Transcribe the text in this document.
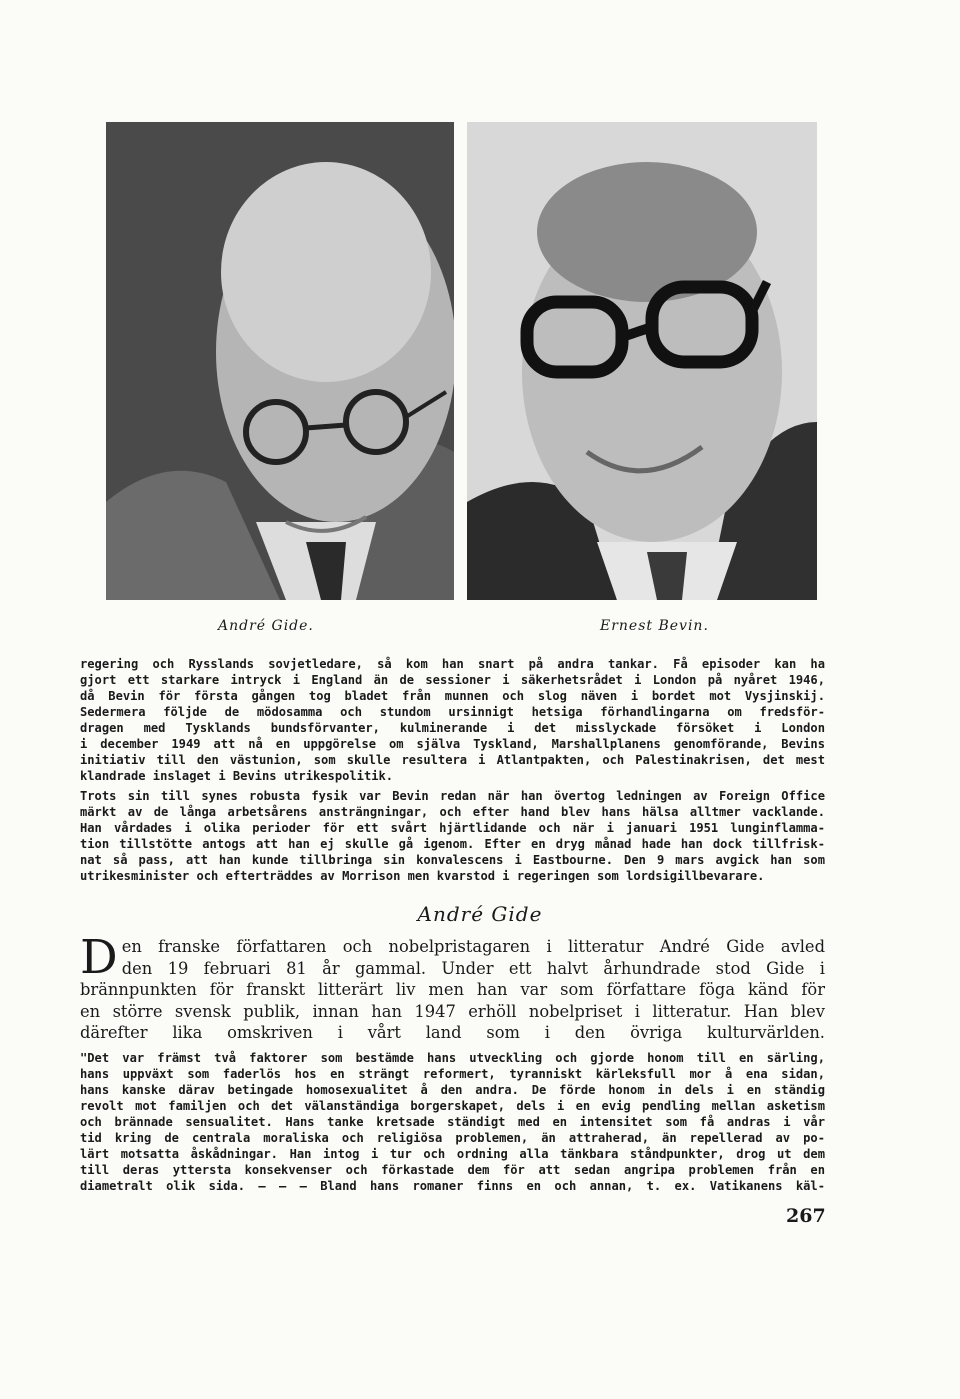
André Gide.	Ernest Bevin.
regering och Rysslands sovjetledare, så kom han snart på andra tankar. Få episoder kan ha
gjort ett starkare intryck i England än de sessioner i säkerhetsrådet i London på nyåret 1946,
då Bevin för första gången tog bladet från munnen och slog näven i bordet mot Vysjinskij.
Sedermera följde de mödosamma och stundom ursinnigt hetsiga förhandlingarna om fredsför-
dragen med Tysklands bundsförvanter, kulminerande i det misslyckade försöket i London
i december 1949 att nå en uppgörelse om själva Tyskland, Marshallplanens genomförande, Bevins
initiativ till den västunion, som skulle resultera i Atlantpakten, och Palestinakrisen, det mest
klandrade inslaget i Bevins utrikespolitik.
Trots sin till synes robusta fysik var Bevin redan när han övertog ledningen av Foreign Office
märkt av de långa arbetsårens ansträngningar, och efter hand blev hans hälsa alltmer vacklande.
Han vårdades i olika perioder för ett svårt hjärtlidande och när i januari 1951 lunginflamma-
tion tillstötte antogs att han ej skulle gå igenom. Efter en dryg månad hade han dock tillfrisk-
nat så pass, att han kunde tillbringa sin konvalescens i Eastbourne. Den 9 mars avgick han som
utrikesminister och efterträddes av Morrison men kvarstod i regeringen som lordsigillbevarare.
André Gide
D en franske författaren och nobelpristagaren i litteratur André Gide avled
den 19 februari 81 år gammal. Under ett halvt århundrade stod Gide i
brännpunkten för franskt litterärt liv men han var som författare föga känd för
en större svensk publik, innan han 1947 erhöll nobelpriset i litteratur. Han blev
därefter lika omskriven i vårt land som i den övriga kulturvärlden.
"Det var främst två faktorer som bestämde hans utveckling och gjorde honom till en särling,
hans uppväxt som faderlös hos en strängt reformert, tyranniskt kärleksfull mor å ena sidan,
hans kanske därav betingade homosexualitet å den andra. De förde honom in dels i en ständig
revolt mot familjen och det välanständiga borgerskapet, dels i en evig pendling mellan asketism
och brännade sensualitet. Hans tanke kretsade ständigt med en intensitet som få andras i vår
tid kring de centrala moraliska och religiösa problemen, än attraherad, än repellerad av po-
lärt motsatta åskådningar. Han intog i tur och ordning alla tänkbara ståndpunkter, drog ut dem
till deras yttersta konsekvenser och förkastade dem för att sedan angripa problemen från en
diametralt olik sida. — — — Bland hans romaner finns en och annan, t. ex. Vatikanens käl-
267
